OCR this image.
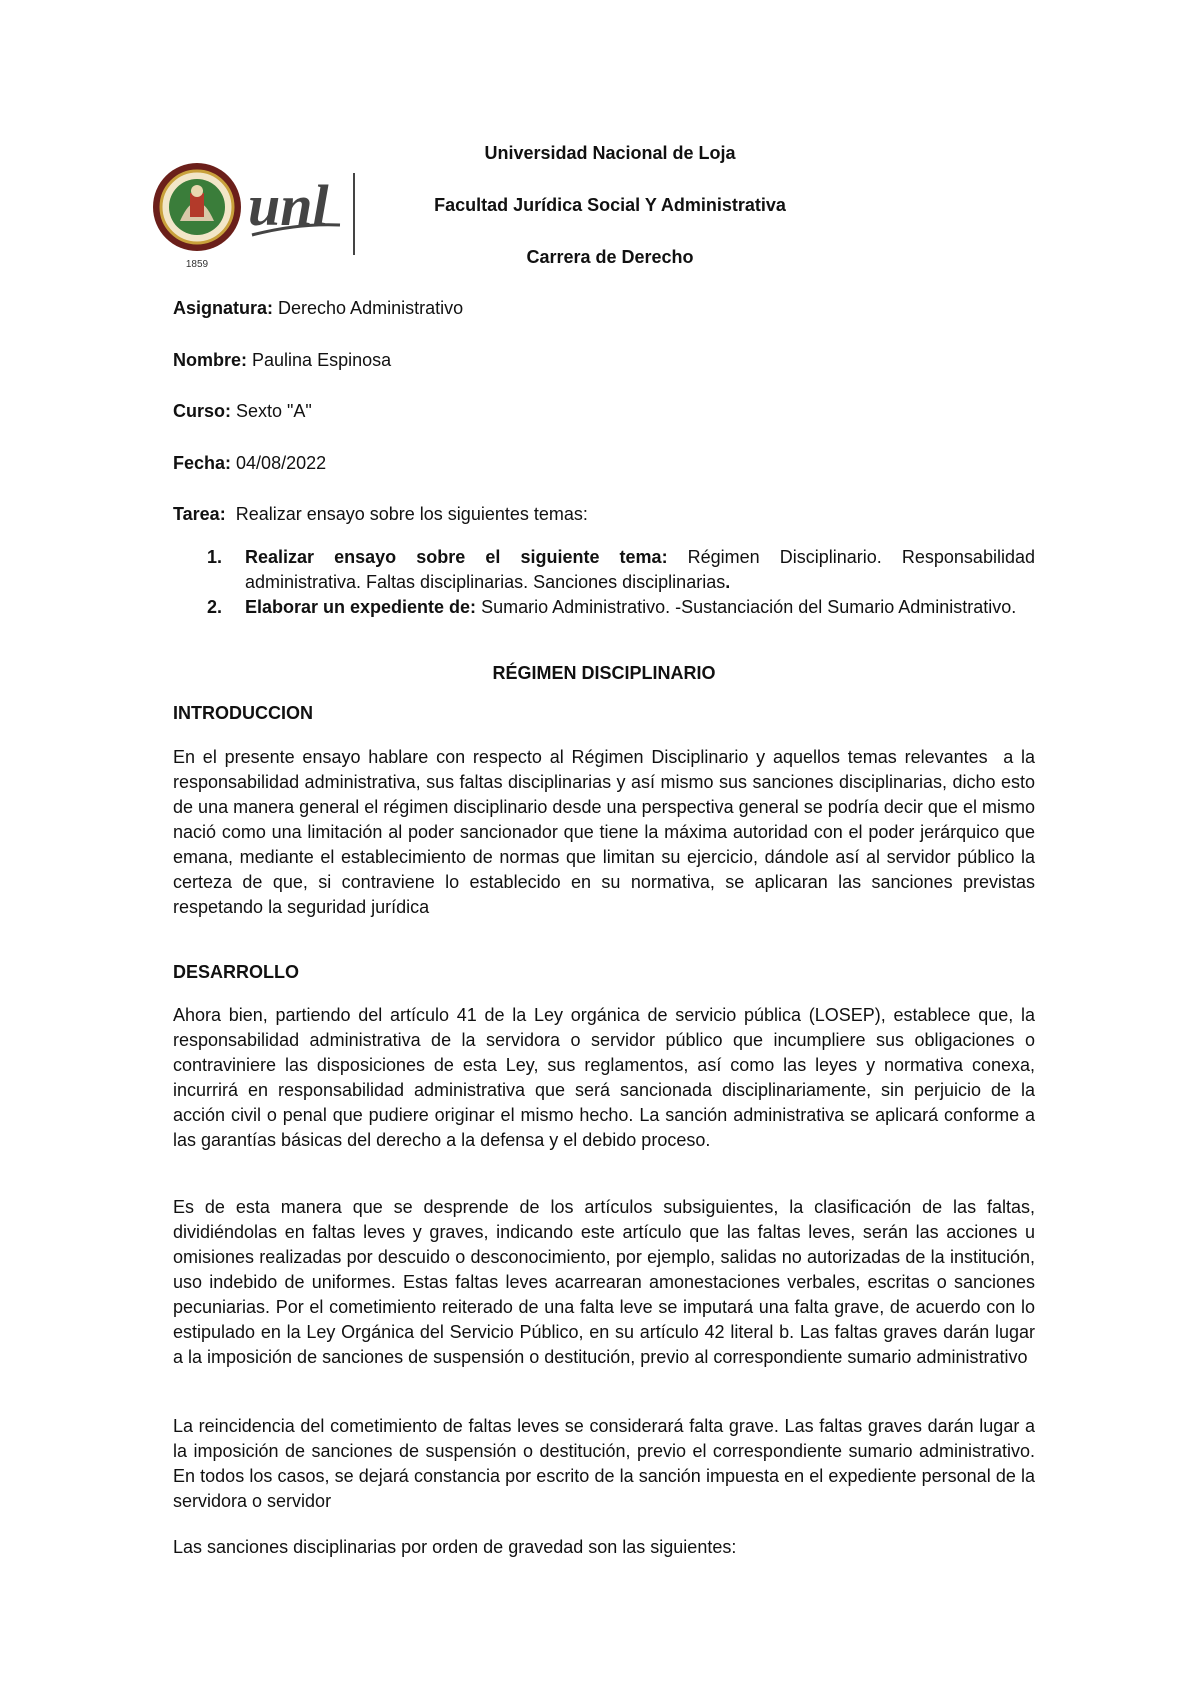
1859
unl
Universidad Nacional de Loja
Facultad Jurídica Social Y Administrativa
Carrera de Derecho
Asignatura: Derecho Administrativo
Nombre: Paulina Espinosa
Curso: Sexto "A"
Fecha: 04/08/2022
Tarea:  Realizar ensayo sobre los siguientes temas:
1.	Realizar ensayo sobre el siguiente tema: Régimen Disciplinario. Responsabilidad administrativa. Faltas disciplinarias. Sanciones disciplinarias.
2.	Elaborar un expediente de: Sumario Administrativo. -Sustanciación del Sumario Administrativo.
RÉGIMEN DISCIPLINARIO
INTRODUCCION

En el presente ensayo hablare con respecto al Régimen Disciplinario y aquellos temas relevantes  a la responsabilidad administrativa, sus faltas disciplinarias y así mismo sus sanciones disciplinarias, dicho esto de una manera general el régimen disciplinario desde una perspectiva general se podría decir que el mismo nació como una limitación al poder sancionador que tiene la máxima autoridad con el poder jerárquico que emana, mediante el establecimiento de normas que limitan su ejercicio, dándole así al servidor público la certeza de que, si contraviene lo establecido en su normativa, se aplicaran las sanciones previstas respetando la seguridad jurídica

DESARROLLO

Ahora bien, partiendo del artículo 41 de la Ley orgánica de servicio pública (LOSEP), establece que, la responsabilidad administrativa de la servidora o servidor público que incumpliere sus obligaciones o contraviniere las disposiciones de esta Ley, sus reglamentos, así como las leyes y normativa conexa, incurrirá en responsabilidad administrativa que será sancionada disciplinariamente, sin perjuicio de la acción civil o penal que pudiere originar el mismo hecho. La sanción administrativa se aplicará conforme a las garantías básicas del derecho a la defensa y el debido proceso.

Es de esta manera que se desprende de los artículos subsiguientes, la clasificación de las faltas, dividiéndolas en faltas leves y graves, indicando este artículo que las faltas leves, serán las acciones u omisiones realizadas por descuido o desconocimiento, por ejemplo, salidas no autorizadas de la institución, uso indebido de uniformes. Estas faltas leves acarrearan amonestaciones verbales, escritas o sanciones pecuniarias. Por el cometimiento reiterado de una falta leve se imputará una falta grave, de acuerdo con lo estipulado en la Ley Orgánica del Servicio Público, en su artículo 42 literal b. Las faltas graves darán lugar a la imposición de sanciones de suspensión o destitución, previo al correspondiente sumario administrativo

La reincidencia del cometimiento de faltas leves se considerará falta grave. Las faltas graves darán lugar a la imposición de sanciones de suspensión o destitución, previo el correspondiente sumario administrativo. En todos los casos, se dejará constancia por escrito de la sanción impuesta en el expediente personal de la servidora o servidor

Las sanciones disciplinarias por orden de gravedad son las siguientes:
